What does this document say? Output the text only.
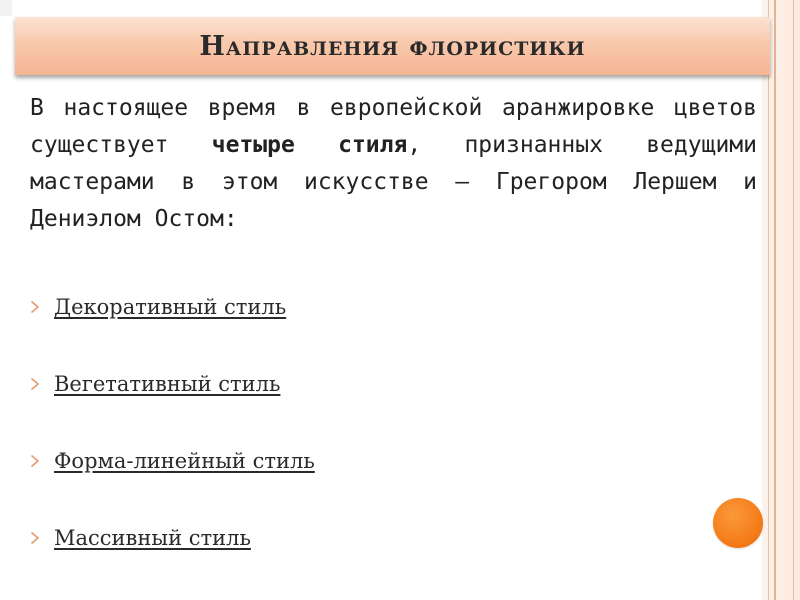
Направления флористики
В настоящее время в европейской аранжировке цветов существует четыре стиля, признанных ведущими мастерами в этом искусстве — Грегором Лершем и Дениэлом Остом:
Декоративный стиль
Вегетативный стиль
Форма-линейный стиль
Массивный стиль
